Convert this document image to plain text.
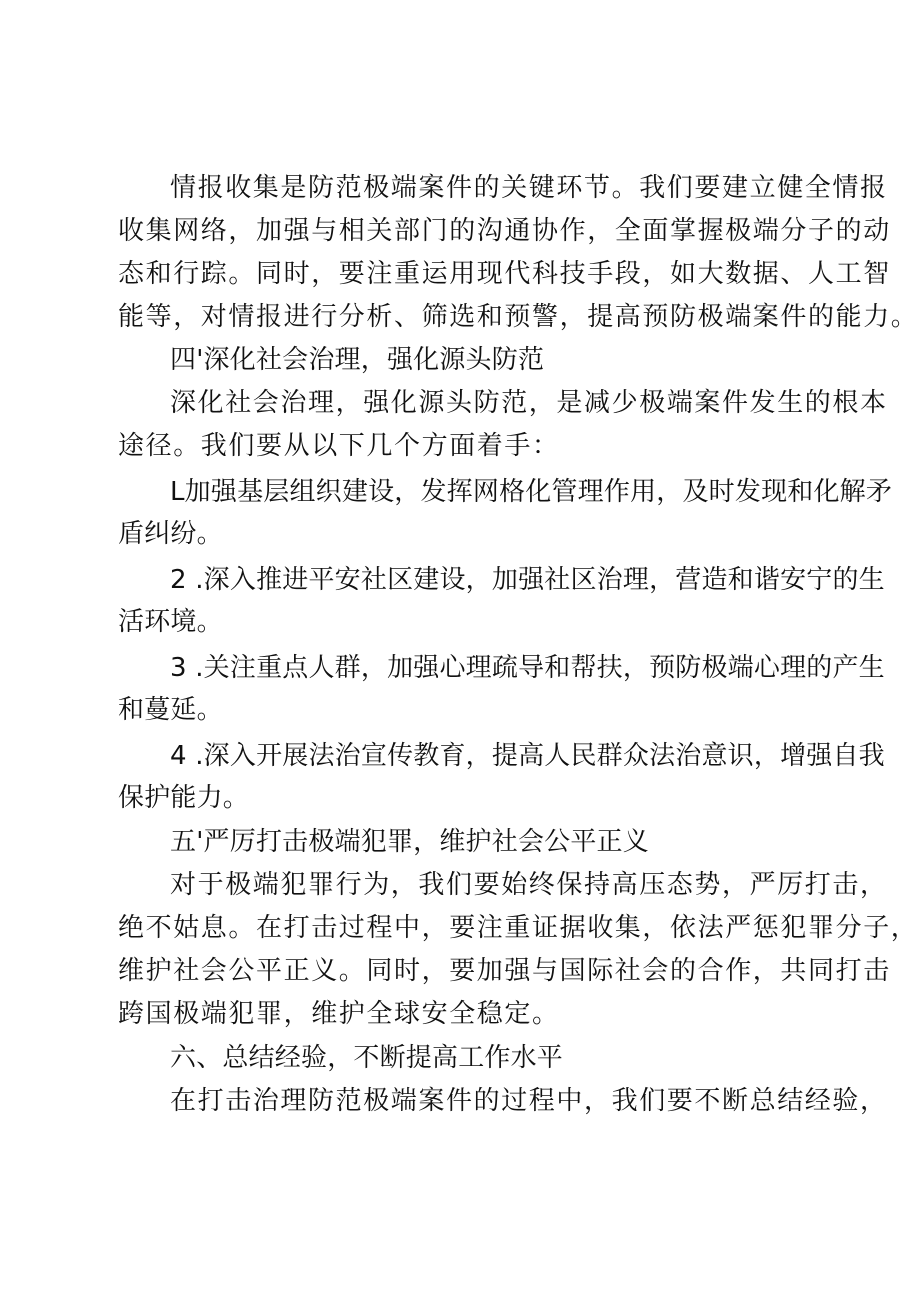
情报收集是防范极端案件的关键环节。我们要建立健全情报
收集网络，加强与相关部门的沟通协作，全面掌握极端分子的动
态和行踪。同时，要注重运用现代科技手段，如大数据、人工智
能等，对情报进行分析、筛选和预警，提高预防极端案件的能力。
四'深化社会治理，强化源头防范
深化社会治理，强化源头防范，是减少极端案件发生的根本
途径。我们要从以下几个方面着手：
L加强基层组织建设，发挥网格化管理作用，及时发现和化解矛
盾纠纷。
2 .深入推进平安社区建设，加强社区治理，营造和谐安宁的生
活环境。
3 .关注重点人群，加强心理疏导和帮扶，预防极端心理的产生
和蔓延。
4 .深入开展法治宣传教育，提高人民群众法治意识，增强自我
保护能力。
五'严厉打击极端犯罪，维护社会公平正义
对于极端犯罪行为，我们要始终保持高压态势，严厉打击，
绝不姑息。在打击过程中，要注重证据收集，依法严惩犯罪分子，
维护社会公平正义。同时，要加强与国际社会的合作，共同打击
跨国极端犯罪，维护全球安全稳定。
六、总结经验，不断提高工作水平
在打击治理防范极端案件的过程中，我们要不断总结经验，
